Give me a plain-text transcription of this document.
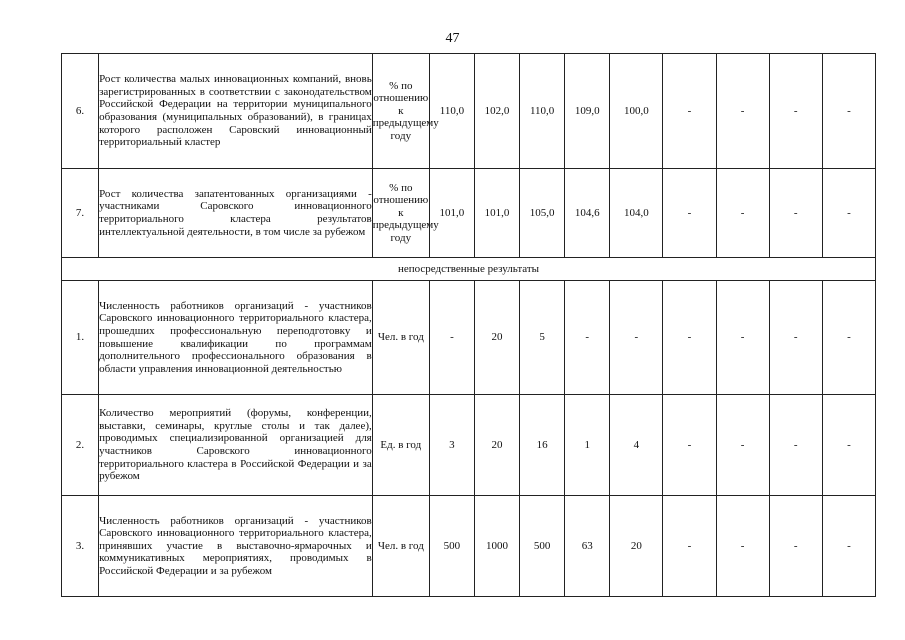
47
6.	Рост количества малых инновационных компаний, вновь зарегистрированных в соответствии с законодательством Российской Федерации на территории муниципального образования (муниципальных образований), в границах которого расположен Саровский инновационный территориальный кластер	% по отношению к предыдущему году	110,0	102,0	110,0	109,0	100,0	-	-	-	-
7.	Рост количества запатентованных организациями - участниками Саровского инновационного территориального кластера результатов интеллектуальной деятельности, в том числе за рубежом	% по отношению к предыдущему году	101,0	101,0	105,0	104,6	104,0	-	-	-	-
непосредственные результаты											
1.	Численность работников организаций - участников Саровского инновационного территориального кластера, прошедших профессиональную переподготовку и повышение квалификации по программам дополнительного профессионального образования в области управления инновационной деятельностью	Чел. в год	-	20	5	-	-	-	-	-	-
2.	Количество мероприятий (форумы, конференции, выставки, семинары, круглые столы и так далее), проводимых специализированной организацией для участников Саровского инновационного территориального кластера в Российской Федерации и за рубежом	Ед. в год	3	20	16	1	4	-	-	-	-
3.	Численность работников организаций - участников Саровского инновационного территориального кластера, принявших участие в выставочно-ярмарочных и коммуникативных мероприятиях, проводимых в Российской Федерации и за рубежом	Чел. в год	500	1000	500	63	20	-	-	-	-
